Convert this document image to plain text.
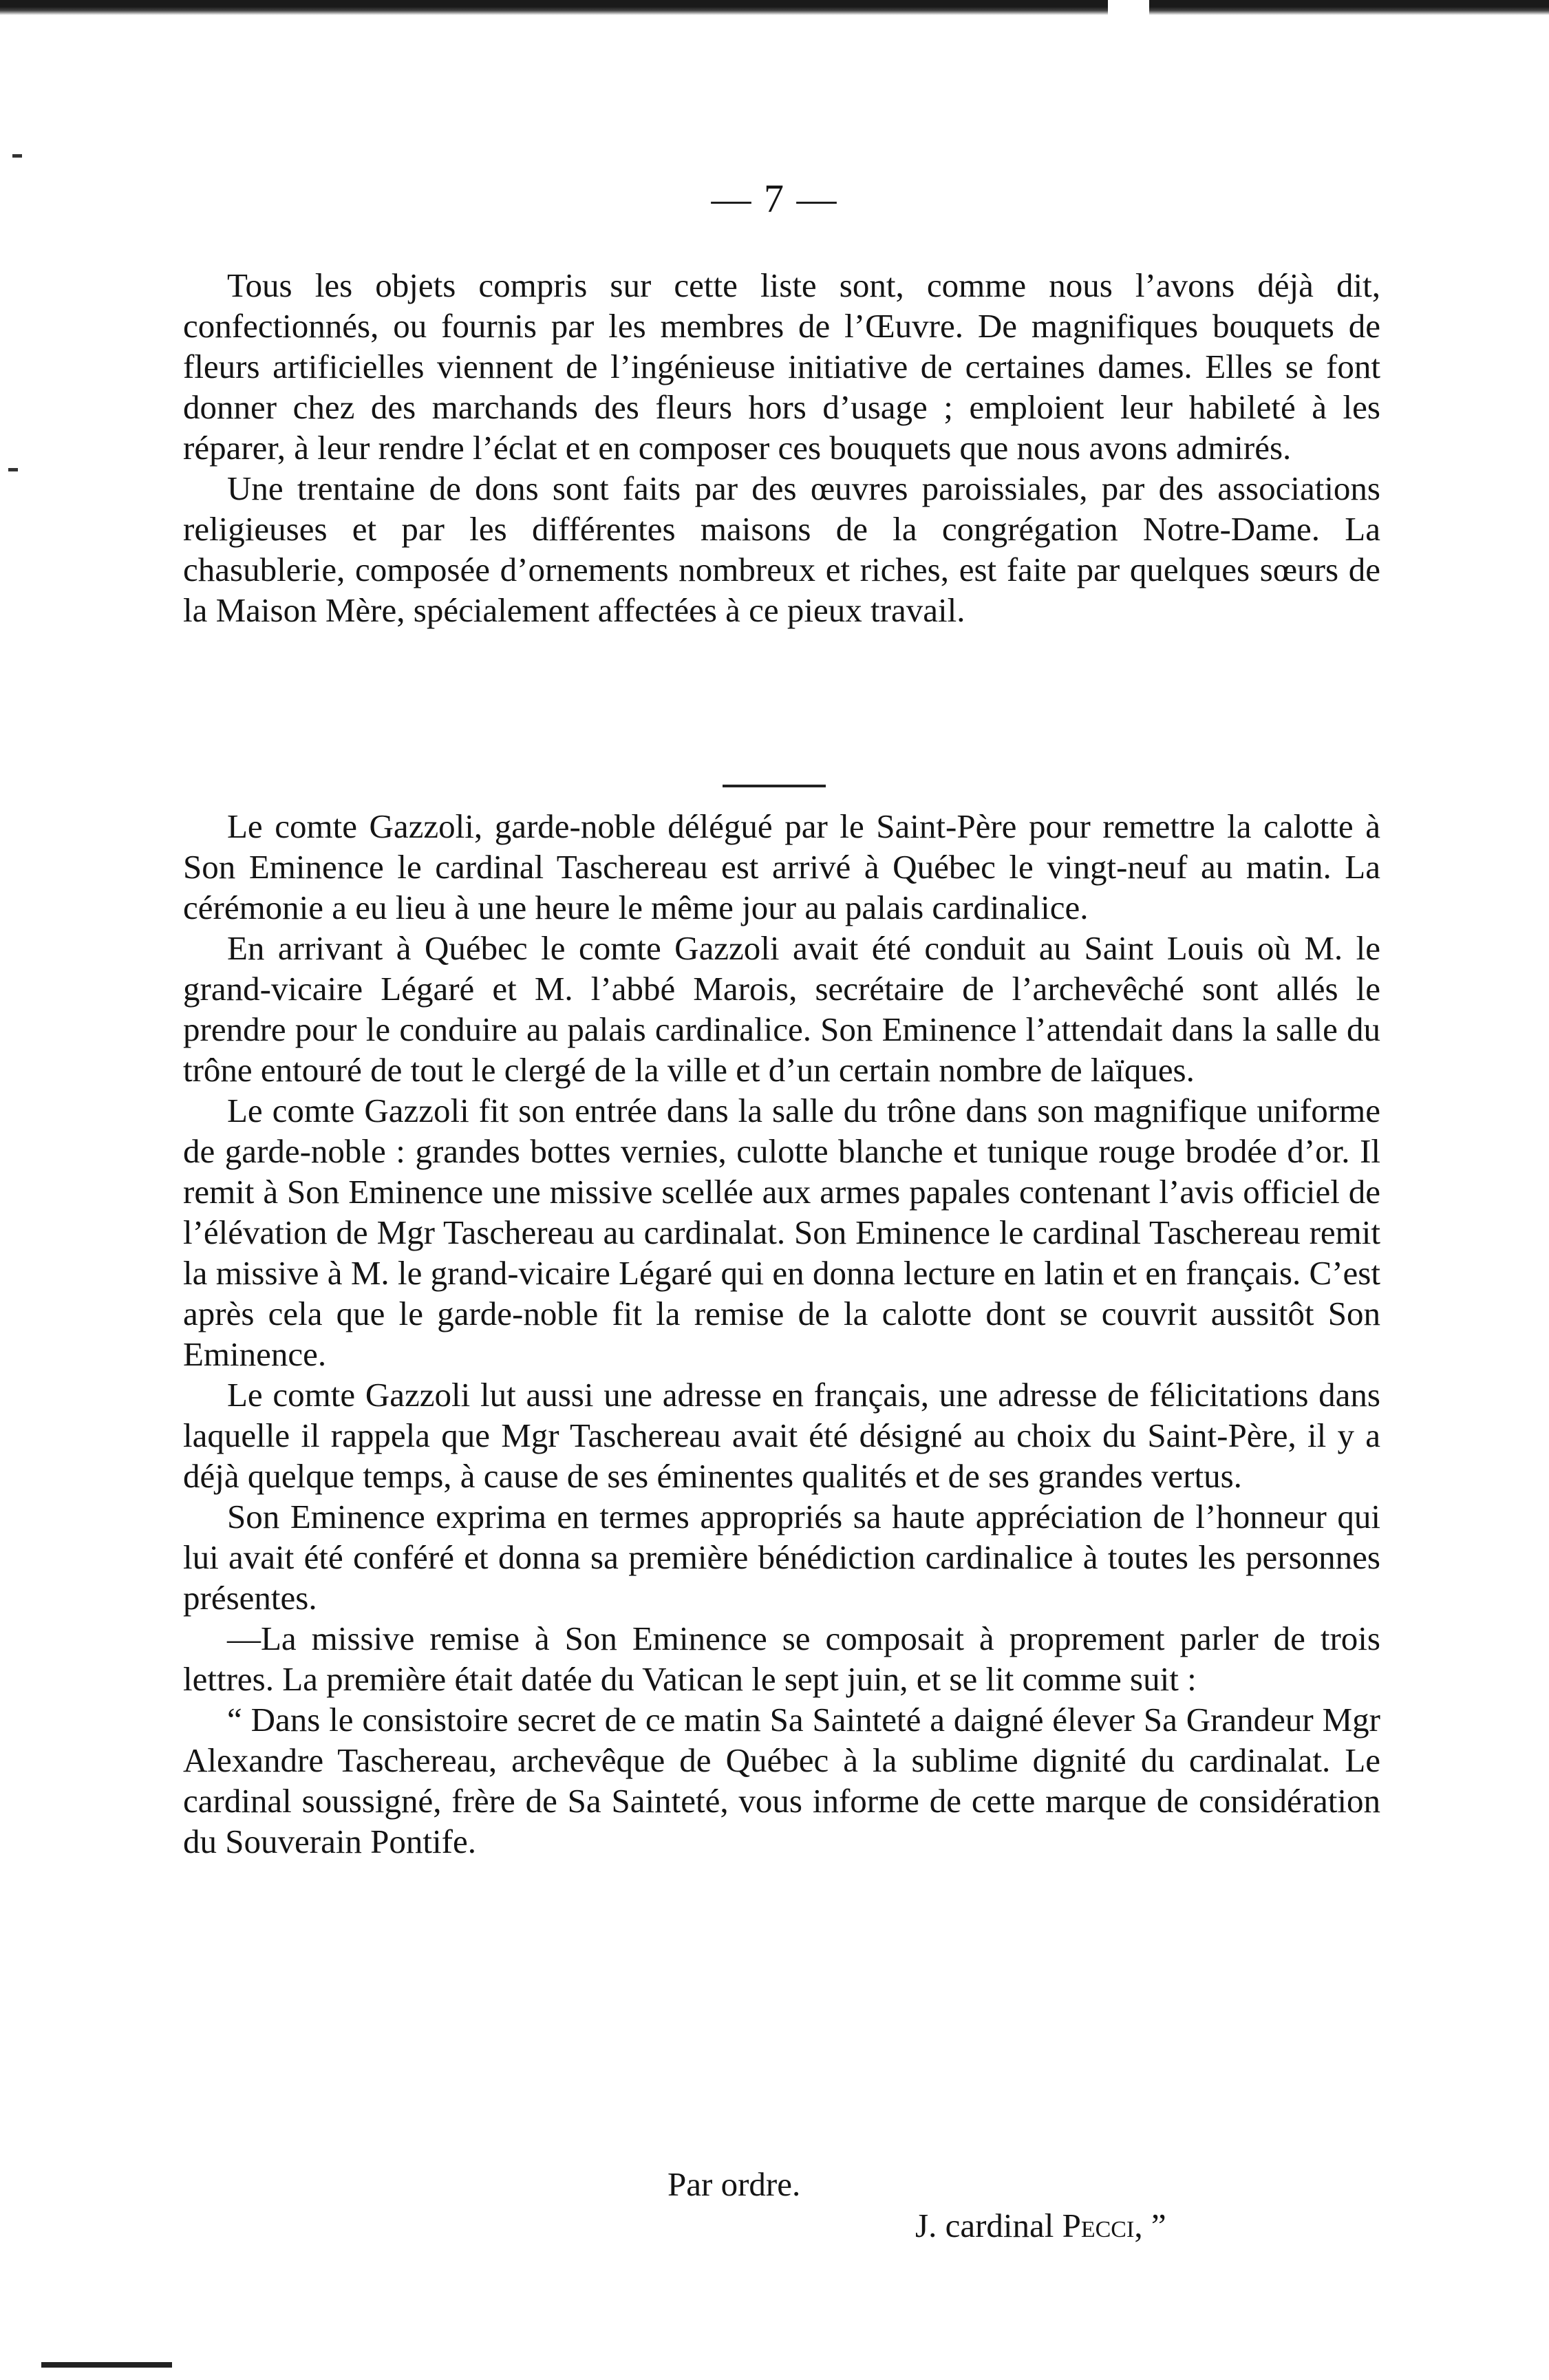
— 7 —

Tous les objets compris sur cette liste sont, comme nous l’avons déjà dit, confectionnés, ou fournis par les membres de l’Œuvre. De magnifiques bouquets de fleurs artificielles viennent de l’ingénieuse initiative de certaines dames. Elles se font donner chez des marchands des fleurs hors d’usage ; emploient leur habileté à les réparer, à leur rendre l’éclat et en composer ces bouquets que nous avons admirés.

Une trentaine de dons sont faits par des œuvres paroissiales, par des associations religieuses et par les différentes maisons de la congrégation Notre-Dame. La chasublerie, composée d’ornements nombreux et riches, est faite par quelques sœurs de la Maison Mère, spécialement affectées à ce pieux travail.

Le comte Gazzoli, garde-noble délégué par le Saint-Père pour remettre la calotte à Son Eminence le cardinal Taschereau est arrivé à Québec le vingt-neuf au matin. La cérémonie a eu lieu à une heure le même jour au palais cardinalice.

En arrivant à Québec le comte Gazzoli avait été conduit au Saint Louis où M. le grand-vicaire Légaré et M. l’abbé Marois, secrétaire de l’archevêché sont allés le prendre pour le conduire au palais cardinalice. Son Eminence l’attendait dans la salle du trône entouré de tout le clergé de la ville et d’un certain nombre de laïques.

Le comte Gazzoli fit son entrée dans la salle du trône dans son magnifique uniforme de garde-noble : grandes bottes vernies, culotte blanche et tunique rouge brodée d’or. Il remit à Son Eminence une missive scellée aux armes papales contenant l’avis officiel de l’élévation de Mgr Taschereau au cardinalat. Son Eminence le cardinal Taschereau remit la missive à M. le grand-vicaire Légaré qui en donna lecture en latin et en français. C’est après cela que le garde-noble fit la remise de la calotte dont se couvrit aussitôt Son Eminence.

Le comte Gazzoli lut aussi une adresse en français, une adresse de félicitations dans laquelle il rappela que Mgr Taschereau avait été désigné au choix du Saint-Père, il y a déjà quelque temps, à cause de ses éminentes qualités et de ses grandes vertus.

Son Eminence exprima en termes appropriés sa haute appréciation de l’honneur qui lui avait été conféré et donna sa première bénédiction cardinalice à toutes les personnes présentes.

—La missive remise à Son Eminence se composait à proprement parler de trois lettres. La première était datée du Vatican le sept juin, et se lit comme suit :

“ Dans le consistoire secret de ce matin Sa Sainteté a daigné élever Sa Grandeur Mgr Alexandre Taschereau, archevêque de Québec à la sublime dignité du cardinalat. Le cardinal soussigné, frère de Sa Sainteté, vous informe de cette marque de considération du Souverain Pontife.

Par ordre.
J. cardinal Pecci, ”
